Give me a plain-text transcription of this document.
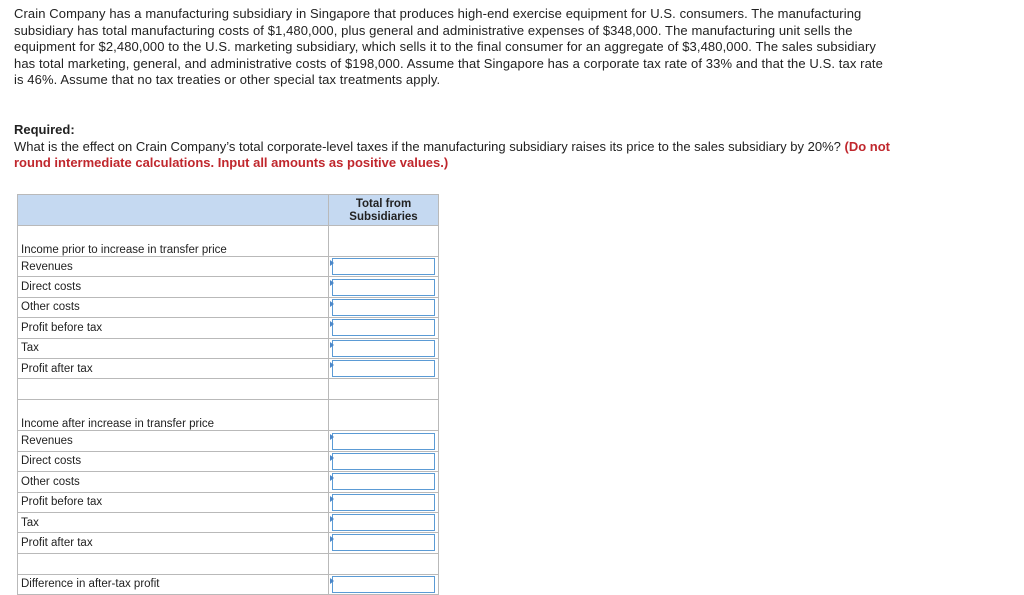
Crain Company has a manufacturing subsidiary in Singapore that produces high-end exercise equipment for U.S. consumers. The manufacturing subsidiary has total manufacturing costs of $1,480,000, plus general and administrative expenses of $348,000. The manufacturing unit sells the equipment for $2,480,000 to the U.S. marketing subsidiary, which sells it to the final consumer for an aggregate of $3,480,000. The sales subsidiary has total marketing, general, and administrative costs of $198,000. Assume that Singapore has a corporate tax rate of 33% and that the U.S. tax rate is 46%. Assume that no tax treaties or other special tax treatments apply.
Required:
What is the effect on Crain Company’s total corporate-level taxes if the manufacturing subsidiary raises its price to the sales subsidiary by 20%? (Do not round intermediate calculations. Input all amounts as positive values.)
	Total from Subsidiaries
Income prior to increase in transfer price	
Revenues	

Direct costs	

Other costs	

Profit before tax	

Tax	

Profit after tax	

Income after increase in transfer price	
Revenues	

Direct costs	

Other costs	

Profit before tax	

Tax	

Profit after tax	

Difference in after-tax profit	
